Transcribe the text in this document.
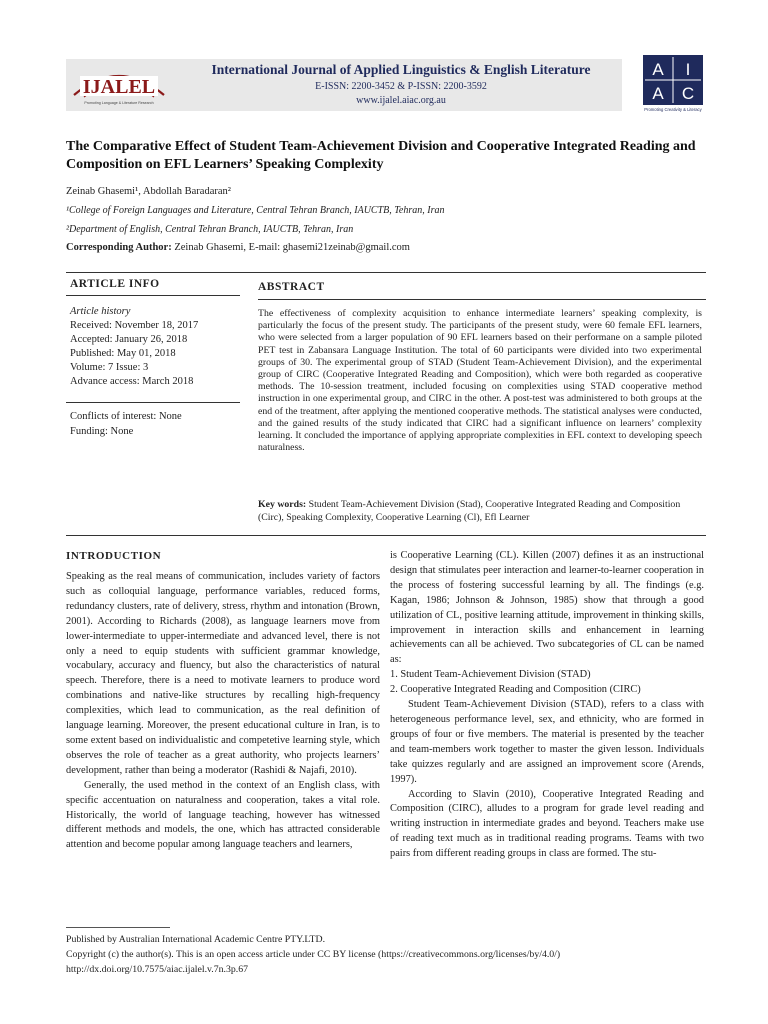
IJALEL
Promoting Language & Literature Research
International Journal of Applied Linguistics & English Literature
E-ISSN: 2200-3452 & P-ISSN: 2200-3592
www.ijalel.aiac.org.au
A I
A C
Promoting Creativity & Literacy
The Comparative Effect of Student Team-Achievement Division and Cooperative Integrated Reading and Composition on EFL Learners’ Speaking Complexity
Zeinab Ghasemi¹, Abdollah Baradaran²
¹College of Foreign Languages and Literature, Central Tehran Branch, IAUCTB, Tehran, Iran
²Department of English, Central Tehran Branch, IAUCTB, Tehran, Iran
Corresponding Author: Zeinab Ghasemi, E-mail: ghasemi21zeinab@gmail.com
ARTICLE INFO
Article history
Received: November 18, 2017
Accepted: January 26, 2018
Published: May 01, 2018
Volume: 7 Issue: 3
Advance access: March 2018
Conflicts of interest: None
Funding: None
ABSTRACT
The effectiveness of complexity acquisition to enhance intermediate learners’ speaking complexity, is particularly the focus of the present study. The participants of the present study, were 60 female EFL learners, who were selected from a larger population of 90 EFL learners based on their performane on a sample piloted PET test in Zabansara Language Institution. The total of 60 participants were divided into two experimental groups of 30. The experimental group of STAD (Student Team-Achievement Division), and the experimental group of CIRC (Cooperative Integrated Reading and Composition), which were both regarded as cooperative methods. The 10-session treatment, included focusing on complexities using STAD cooperative method instruction in one experimental group, and CIRC in the other. A post-test was administered to both groups at the end of the treatment, after applying the mentioned cooperative methods. The statistical analyses were conducted, and the gained results of the study indicated that CIRC had a significant influence on learners’ complexity learning. It concluded the importance of applying appropriate complexities in EFL context to developing speech naturalness.
Key words: Student Team-Achievement Division (Stad), Cooperative Integrated Reading and Composition (Circ), Speaking Complexity, Cooperative Learning (Cl), Efl Learner
INTRODUCTION

Speaking as the real means of communication, includes variety of factors such as colloquial language, performance variables, reduced forms, redundancy clusters, rate of delivery, stress, rhythm and intonation (Brown, 2001). According to Richards (2008), as language learners move from lower-intermediate to upper-intermediate and advanced level, there is not only a need to equip students with sufficient grammar knowledge, vocabulary, accuracy and fluency, but also the characteristics of natural speech. Therefore, there is a need to motivate learners to produce word combinations and native-like structures by recalling high-frequency complexities, which lead to communication, as the real definition of language learning. Moreover, the present educational culture in Iran, is to some extent based on individualistic and competetive learning style, which observes the role of teacher as a great authority, who projects learners’ development, rather than being a moderator (Rashidi & Najafi, 2010).

Generally, the used method in the context of an English class, with specific accentuation on naturalness and cooperation, takes a vital role. Historically, the world of language teaching, however has witnessed different methods and models, the one, which has attracted considerable attention and become popular among language teachers and learners,

is Cooperative Learning (CL). Killen (2007) defines it as an instructional design that stimulates peer interaction and learner-to-learner cooperation in the process of fostering successful learning by all. The findings (e.g. Kagan, 1986; Johnson & Johnson, 1985) show that through a good utilization of CL, positive learning attitude, improvement in thinking skills, improvement in interaction skills and enhancement in learning achievements can all be achieved. Two subcategories of CL can be named as:

1. Student Team-Achievement Division (STAD)

2. Cooperative Integrated Reading and Composition (CIRC)

Student Team-Achievement Division (STAD), refers to a class with heterogeneous performance level, sex, and ethnicity, who are formed in groups of four or five members. The material is presented by the teacher and team-members work together to master the given lesson. Individuals take quizzes regularly and are assigned an improvement score (Arends, 1997).

According to Slavin (2010), Cooperative Integrated Reading and Composition (CIRC), alludes to a program for grade level reading and writing instruction in intermediate grades and beyond. Teachers make use of reading text much as in traditional reading programs. Teams with two pairs from different reading groups in class are formed. The stu-

Published by Australian International Academic Centre PTY.LTD.
Copyright (c) the author(s). This is an open access article under CC BY license (https://creativecommons.org/licenses/by/4.0/)
http://dx.doi.org/10.7575/aiac.ijalel.v.7n.3p.67
